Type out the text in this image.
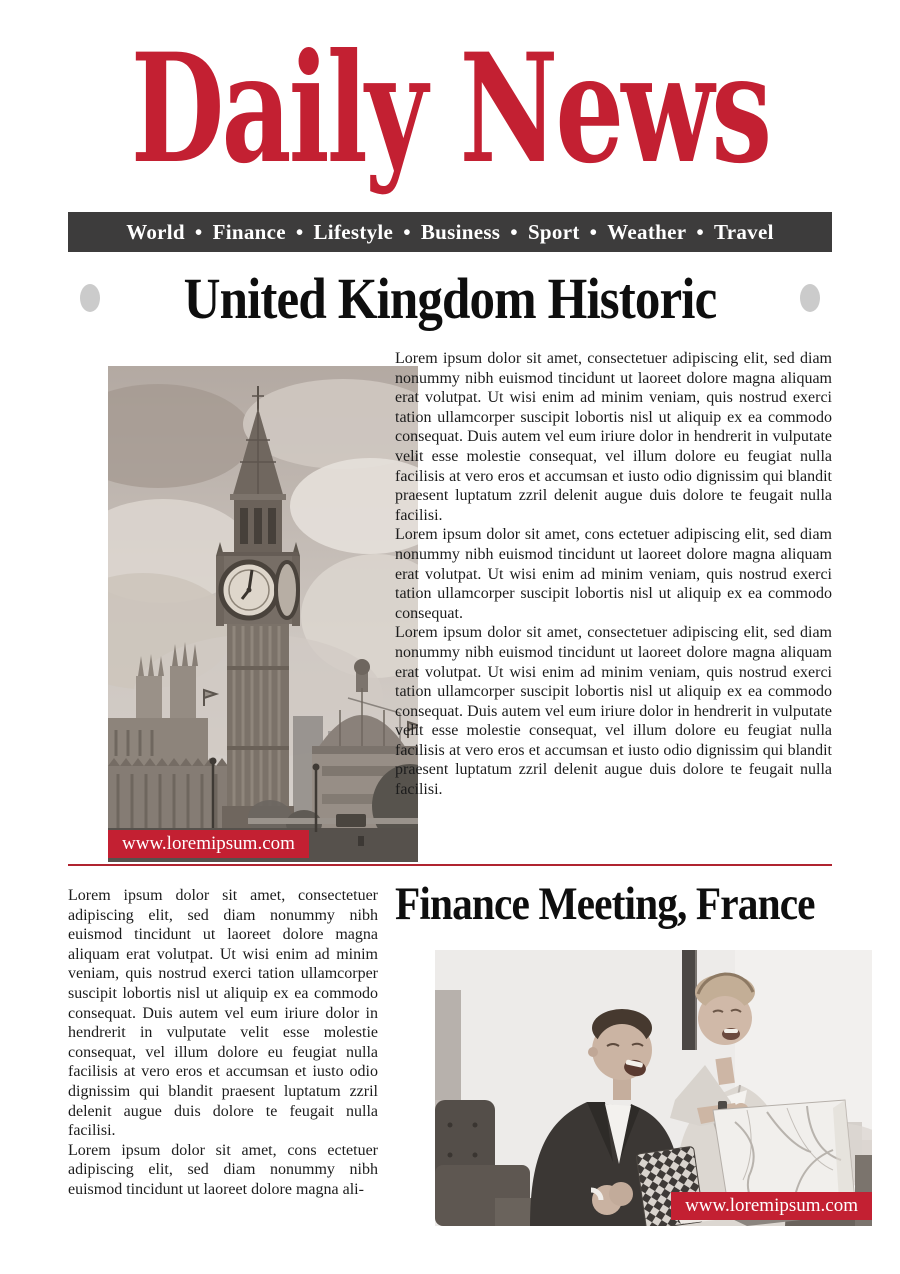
Daily News
World • Finance • Lifestyle • Business • Sport • Weather • Travel
United Kingdom Historic
www.loremipsum.com

Lorem ipsum dolor sit amet, consectetuer adipiscing elit, sed diam nonummy nibh euismod tincidunt ut laoreet dolore magna aliquam erat volutpat. Ut wisi enim ad minim veniam, quis nostrud exerci tation ullamcorper suscipit lobortis nisl ut aliquip ex ea commodo consequat. Duis autem vel eum iriure dolor in hendrerit in vulputate velit esse molestie consequat, vel illum dolore eu feugiat nulla facilisis at vero eros et accumsan et iusto odio dignissim qui blandit praesent luptatum zzril delenit augue duis dolore te feugait nulla facilisi.

Lorem ipsum dolor sit amet, cons ectetuer adipiscing elit, sed diam nonummy nibh euismod tincidunt ut laoreet dolore magna aliquam erat volutpat. Ut wisi enim ad minim veniam, quis nostrud exerci tation ullamcorper suscipit lobortis nisl ut aliquip ex ea commodo consequat.

Lorem ipsum dolor sit amet, consectetuer adipiscing elit, sed diam nonummy nibh euismod tincidunt ut laoreet dolore magna aliquam erat volutpat. Ut wisi enim ad minim veniam, quis nostrud exerci tation ullamcorper suscipit lobortis nisl ut aliquip ex ea commodo consequat. Duis autem vel eum iriure dolor in hendrerit in vulputate velit esse molestie consequat, vel illum dolore eu feugiat nulla facilisis at vero eros et accumsan et iusto odio dignissim qui blandit praesent luptatum zzril delenit augue duis dolore te feugait nulla facilisi.

Lorem ipsum dolor sit amet, consectetuer adipiscing elit, sed diam nonummy nibh euismod tincidunt ut laoreet dolore magna aliquam erat volutpat. Ut wisi enim ad minim veniam, quis nostrud exerci tation ullamcorper suscipit lobortis nisl ut aliquip ex ea commodo consequat. Duis autem vel eum iriure dolor in hendrerit in vulputate velit esse molestie consequat, vel illum dolore eu feugiat nulla facilisis at vero eros et accumsan et iusto odio dignissim qui blandit praesent luptatum zzril delenit augue duis dolore te feugait nulla facilisi.

Lorem ipsum dolor sit amet, cons ectetuer adipiscing elit, sed diam nonummy nibh euismod tincidunt ut laoreet dolore magna ali-

Finance Meeting, France
www.loremipsum.com
